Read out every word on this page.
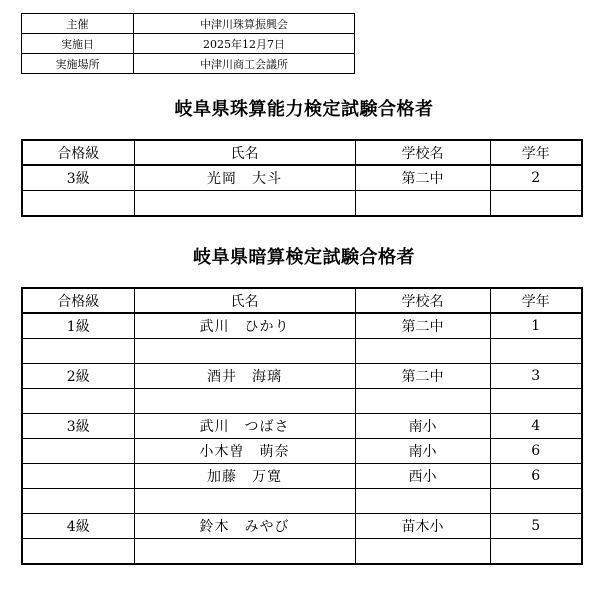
主催	中津川珠算振興会
実施日	2025年12月7日
実施場所	中津川商工会議所
岐阜県珠算能力検定試験合格者
合格級	氏名	学校名	学年
3級	光岡　大斗	第二中	2

岐阜県暗算検定試験合格者
合格級	氏名	学校名	学年
1級	武川　ひかり	第二中	1

2級	酒井　海璃	第二中	3

3級	武川　つばさ	南小	4
	小木曽　萌奈	南小	6
	加藤　万寛	西小	6

4級	鈴木　みやび	苗木小	5
